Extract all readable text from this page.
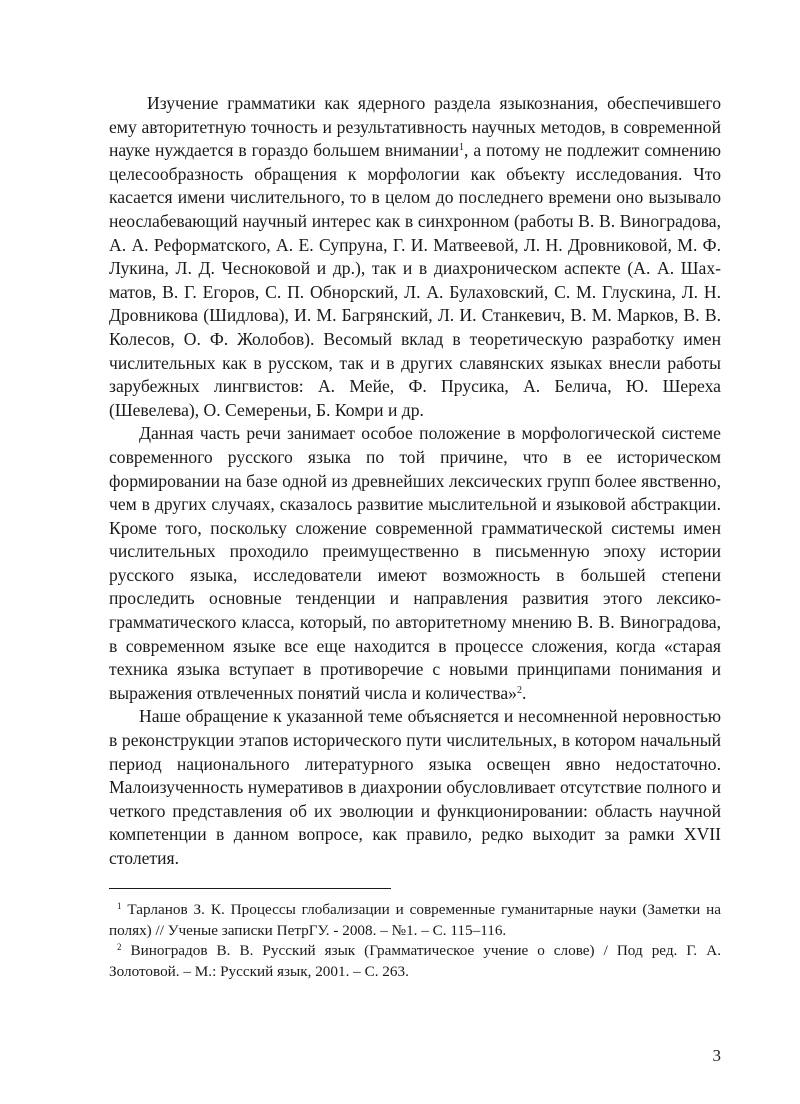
Изучение грамматики как ядерного раздела языкознания, обеспечившего ему авторитетную точность и результативность научных методов, в современной науке нуждается в гораздо большем внимании$^1$, а потому не подлежит сомнению целесообразность обращения к морфологии как объекту исследования. Что касается имени числительного, то в целом до последнего времени оно вызывало неослабевающий научный интерес как в синхронном (работы В. В. Виноградова, А. А. Реформатского, А. Е. Супруна, Г. И. Матвеевой, Л. Н. Дровниковой, М. Ф. Лукина, Л. Д. Чесноковой и др.), так и в диахроническом аспекте (А. А. Шахматов, В. Г. Егоров, С. П. Обнорский, Л. А. Булаховский, С. М. Глускина, Л. Н. Дровникова (Шидлова), И. М. Багрянский, Л. И. Станкевич, В. М. Марков, В. В. Колесов, О. Ф. Жолобов). Весомый вклад в теоретическую разработку имен числительных как в русском, так и в других славянских языках внесли работы зарубежных лингвистов: А. Мейе, Ф. Прусика, А. Белича, Ю. Шереха (Шевелева), О. Семереньи, Б. Комри и др.

Данная часть речи занимает особое положение в морфологической системе современного русского языка по той причине, что в ее историческом формировании на базе одной из древнейших лексических групп более явственно, чем в других случаях, сказалось развитие мыслительной и языковой абстракции. Кроме того, поскольку сложение современной грамматической системы имен числительных проходило преимущественно в письменную эпоху истории русского языка, исследователи имеют возможность в большей степени проследить основные тенденции и направления развития этого лексико-грамматического класса, который, по авторитетному мнению В. В. Виноградова, в современном языке все еще находится в процессе сложения, когда «старая техника языка вступает в противоречие с новыми принципами понимания и выражения отвлеченных понятий числа и количества»$^2$.

Наше обращение к указанной теме объясняется и несомненной неровностью в реконструкции этапов исторического пути числительных, в котором начальный период национального литературного языка освещен явно недостаточно. Малоизученность нумеративов в диахронии обусловливает отсутствие полного и четкого представления об их эволюции и функционировании: область научной компетенции в данном вопросе, как правило, редко выходит за рамки XVII столетия.

$^1$ Тарланов З. К. Процессы глобализации и современные гуманитарные науки (Заметки на полях) // Ученые записки ПетрГУ. - 2008. – №1. – С. 115–116.

$^2$ Виноградов В. В. Русский язык (Грамматическое учение о слове) / Под ред. Г. А. Золотовой. – М.: Русский язык, 2001. – С. 263.

3
